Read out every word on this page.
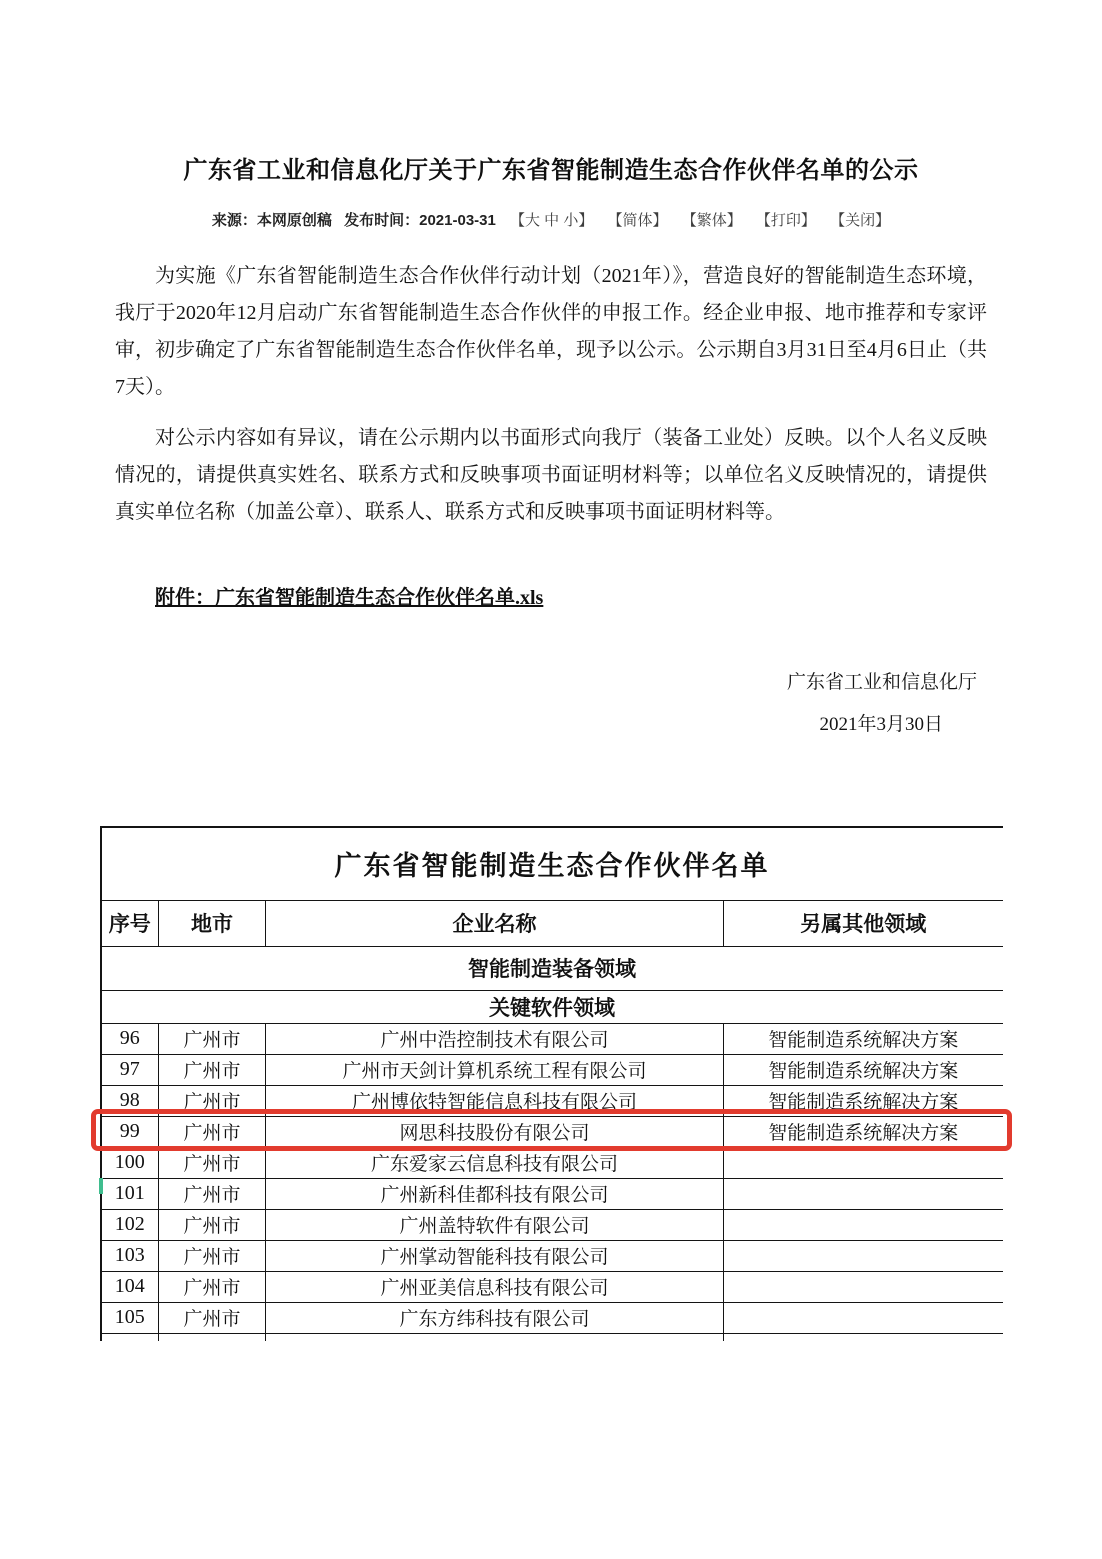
广东省工业和信息化厅关于广东省智能制造生态合作伙伴名单的公示
来源：本网原创稿 发布时间：2021-03-31 【大 中 小】 【简体】 【繁体】 【打印】 【关闭】

为实施《广东省智能制造生态合作伙伴行动计划（2021年）》，营造良好的智能制造生态环境，我厅于2020年12月启动广东省智能制造生态合作伙伴的申报工作。经企业申报、地市推荐和专家评审，初步确定了广东省智能制造生态合作伙伴名单，现予以公示。公示期自3月31日至4月6日止（共7天）。

对公示内容如有异议，请在公示期内以书面形式向我厅（装备工业处）反映。以个人名义反映情况的，请提供真实姓名、联系方式和反映事项书面证明材料等；以单位名义反映情况的，请提供真实单位名称（加盖公章）、联系人、联系方式和反映事项书面证明材料等。

附件：广东省智能制造生态合作伙伴名单.xls
广东省工业和信息化厅
2021年3月30日
广东省智能制造生态合作伙伴名单			
序号	地市	企业名称	另属其他领域
智能制造装备领域			
关键软件领域			
96	广州市	广州中浩控制技术有限公司	智能制造系统解决方案
97	广州市	广州市天剑计算机系统工程有限公司	智能制造系统解决方案
98	广州市	广州博依特智能信息科技有限公司	智能制造系统解决方案
99	广州市	网思科技股份有限公司	智能制造系统解决方案
100	广州市	广东爱家云信息科技有限公司	
101	广州市	广州新科佳都科技有限公司	
102	广州市	广州盖特软件有限公司	
103	广州市	广州掌动智能科技有限公司	
104	广州市	广州亚美信息科技有限公司	
105	广州市	广东方纬科技有限公司	
